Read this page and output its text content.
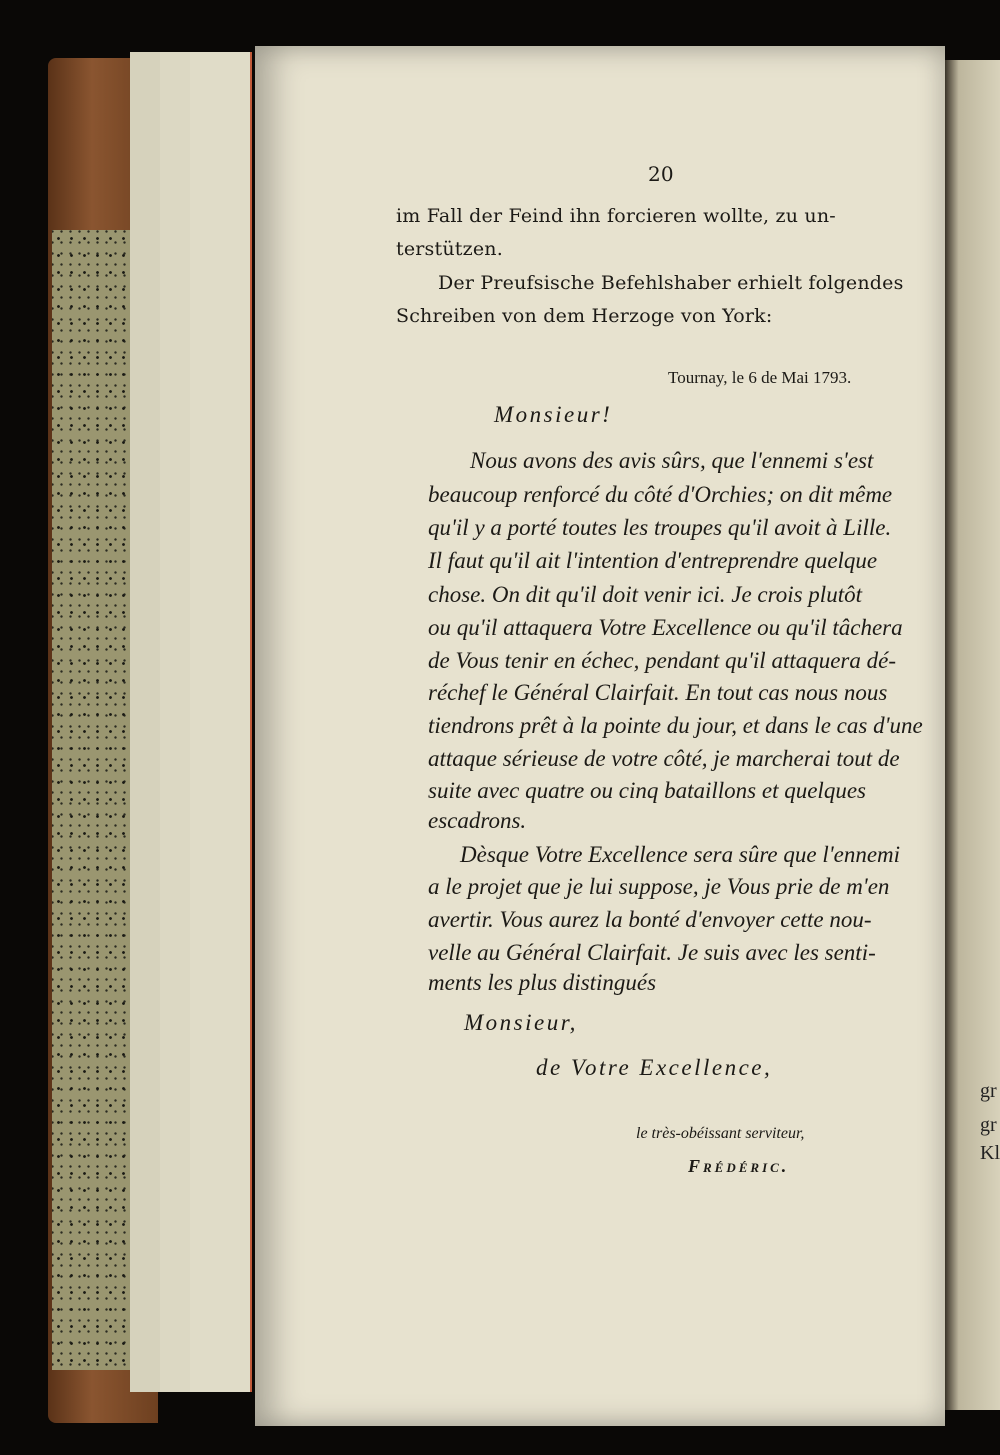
gr
gr
Kl
20
im Fall der Feind ihn forcieren wollte, zu un-
terstützen.
Der Preufsische Befehlshaber erhielt folgendes
Schreiben von dem Herzoge von York:
Tournay, le 6 de Mai 1793.
Monsieur!
Nous avons des avis sûrs, que l'ennemi s'est
beaucoup renforcé du côté d'Orchies; on dit même
qu'il y a porté toutes les troupes qu'il avoit à Lille.
Il faut qu'il ait l'intention d'entreprendre quelque
chose. On dit qu'il doit venir ici. Je crois plutôt
ou qu'il attaquera Votre Excellence ou qu'il tâchera
de Vous tenir en échec, pendant qu'il attaquera dé-
réchef le Général Clairfait. En tout cas nous nous
tiendrons prêt à la pointe du jour, et dans le cas d'une
attaque sérieuse de votre côté, je marcherai tout de
suite avec quatre ou cinq bataillons et quelques
escadrons.
Dèsque Votre Excellence sera sûre que l'ennemi
a le projet que je lui suppose, je Vous prie de m'en
avertir. Vous aurez la bonté d'envoyer cette nou-
velle au Général Clairfait. Je suis avec les senti-
ments les plus distingués
Monsieur,
de Votre Excellence,
le très-obéissant serviteur,
Frédéric.
